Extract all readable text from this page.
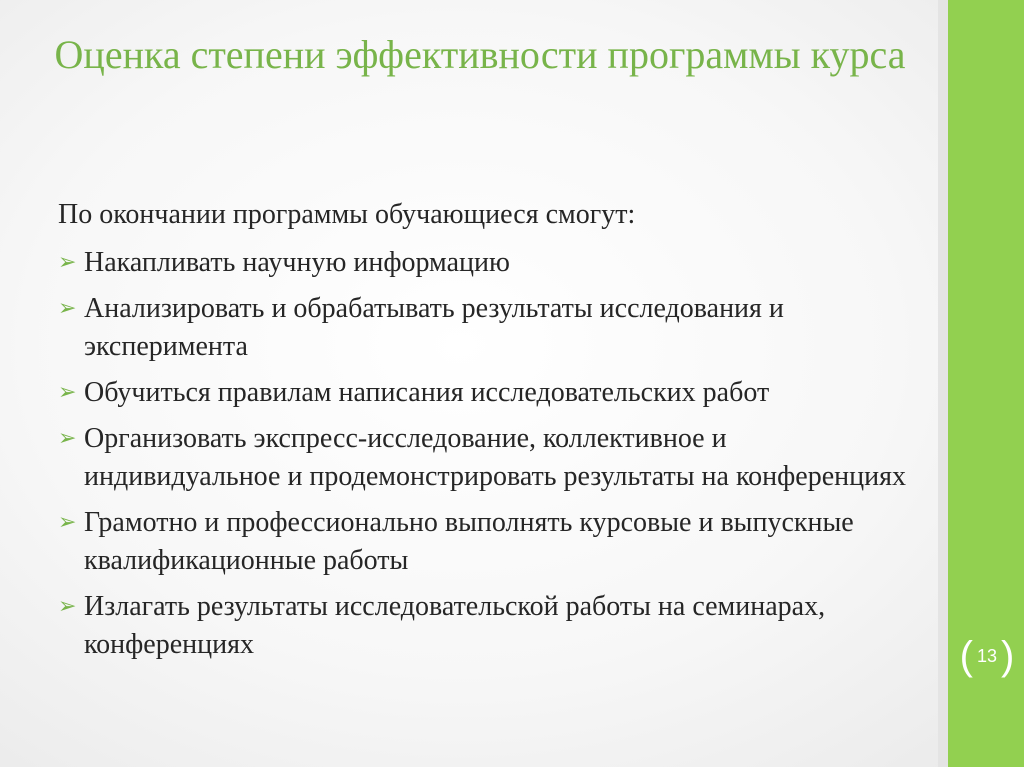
Оценка степени эффективности программы курса

По окончании программы обучающиеся смогут:

➢ Накапливать научную информацию
➢ Анализировать и обрабатывать результаты исследования и эксперимента
➢ Обучиться правилам написания исследовательских работ
➢ Организовать экспресс-исследование, коллективное и индивидуальное и продемонстрировать результаты на конференциях
➢ Грамотно и профессионально выполнять курсовые и выпускные квалификационные работы
➢ Излагать результаты исследовательской работы на семинарах, конференциях	( 13 )
